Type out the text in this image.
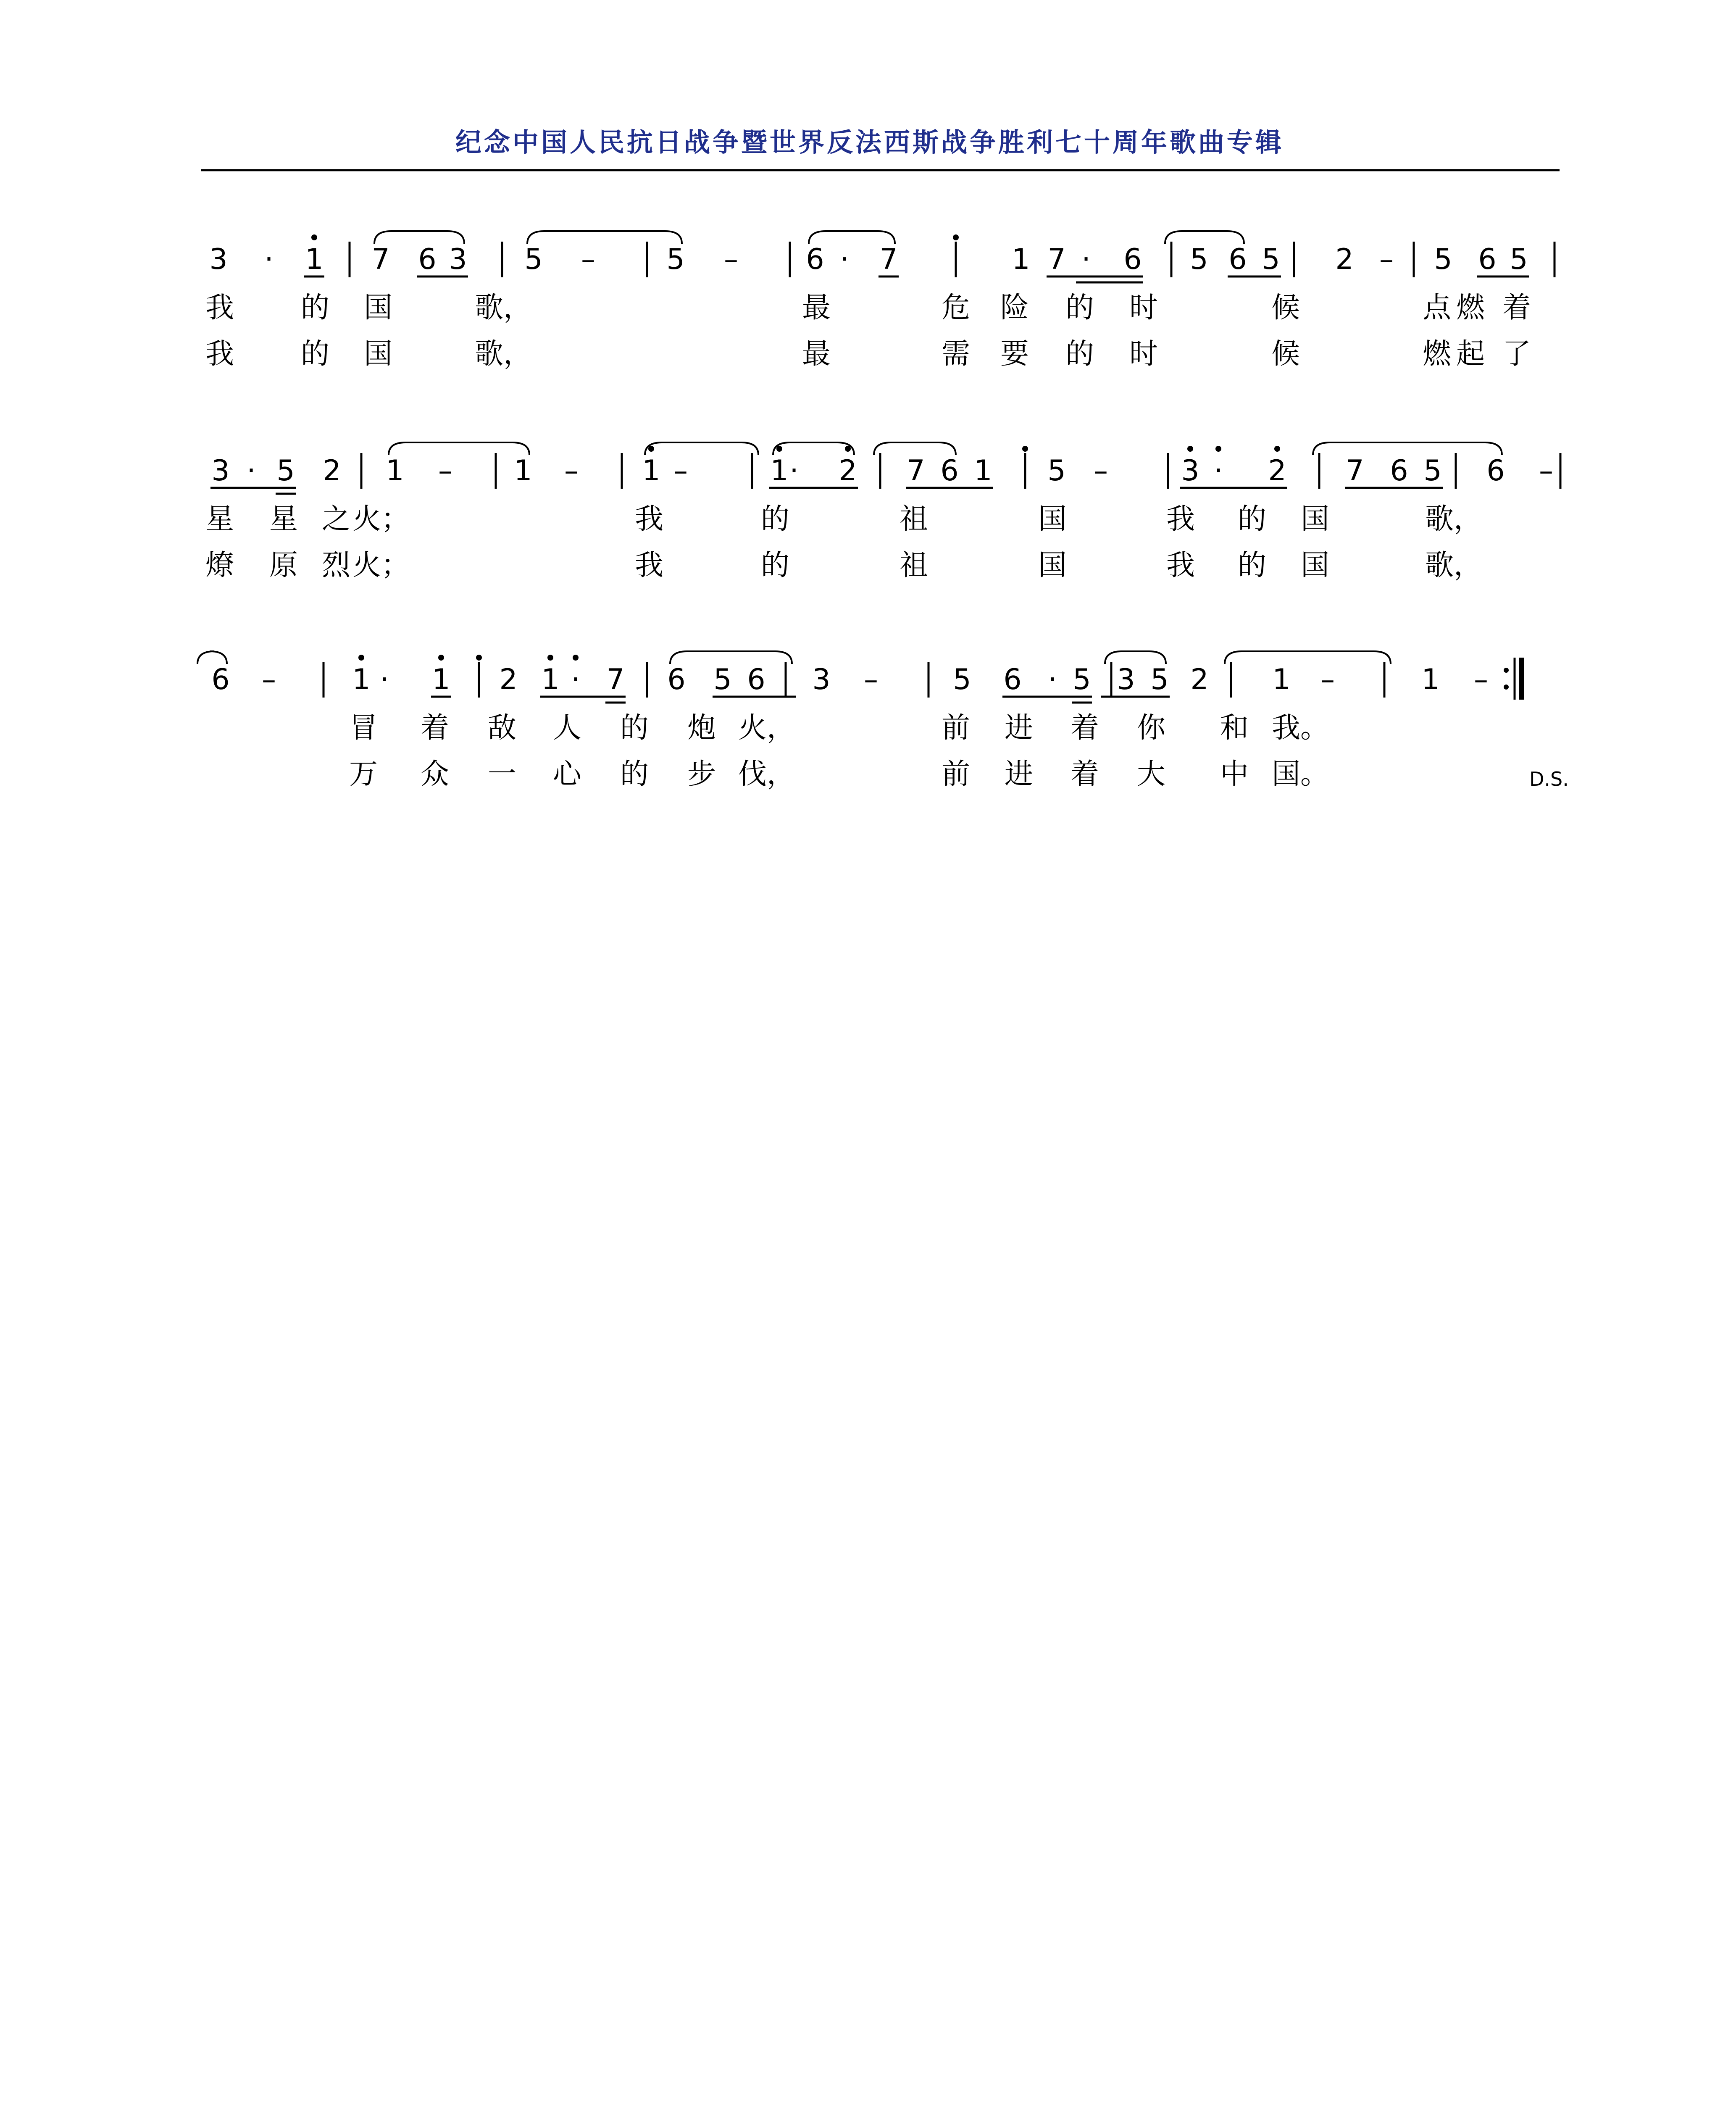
纪念中国人民抗日战争暨世界反法西斯战争胜利七十周年歌曲专辑
3 · 1 7 6 3 5 – 5 – 6 · 7	1 7 · 6 5 6 5 2 – 5 6 5
3 · 5 2 1 – 1 – 1 –	1 · 2 7 6 1 5 –	3 · 2 7 6 5 6 –
6 –	1 · 1 2 1 · 7 6 5 6 3 –	5 6 · 5 3 5 2 1 –	1 –
我 的 国	歌，	最	危 险 的 时	候	点 燃 着
我 的 国	歌，	最	需 要 的 时	候	燃 起 了
星 星 之 火；	我	的	祖	国	我 的 国	歌，
燎 原 烈 火；	我	的	祖	国	我 的 国	歌，
冒 着 敌 人 的 炮 火，	前 进 着 你 和 我。
万 众 一 心 的 步 伐，	前 进 着 大 中 国。	D.S.
